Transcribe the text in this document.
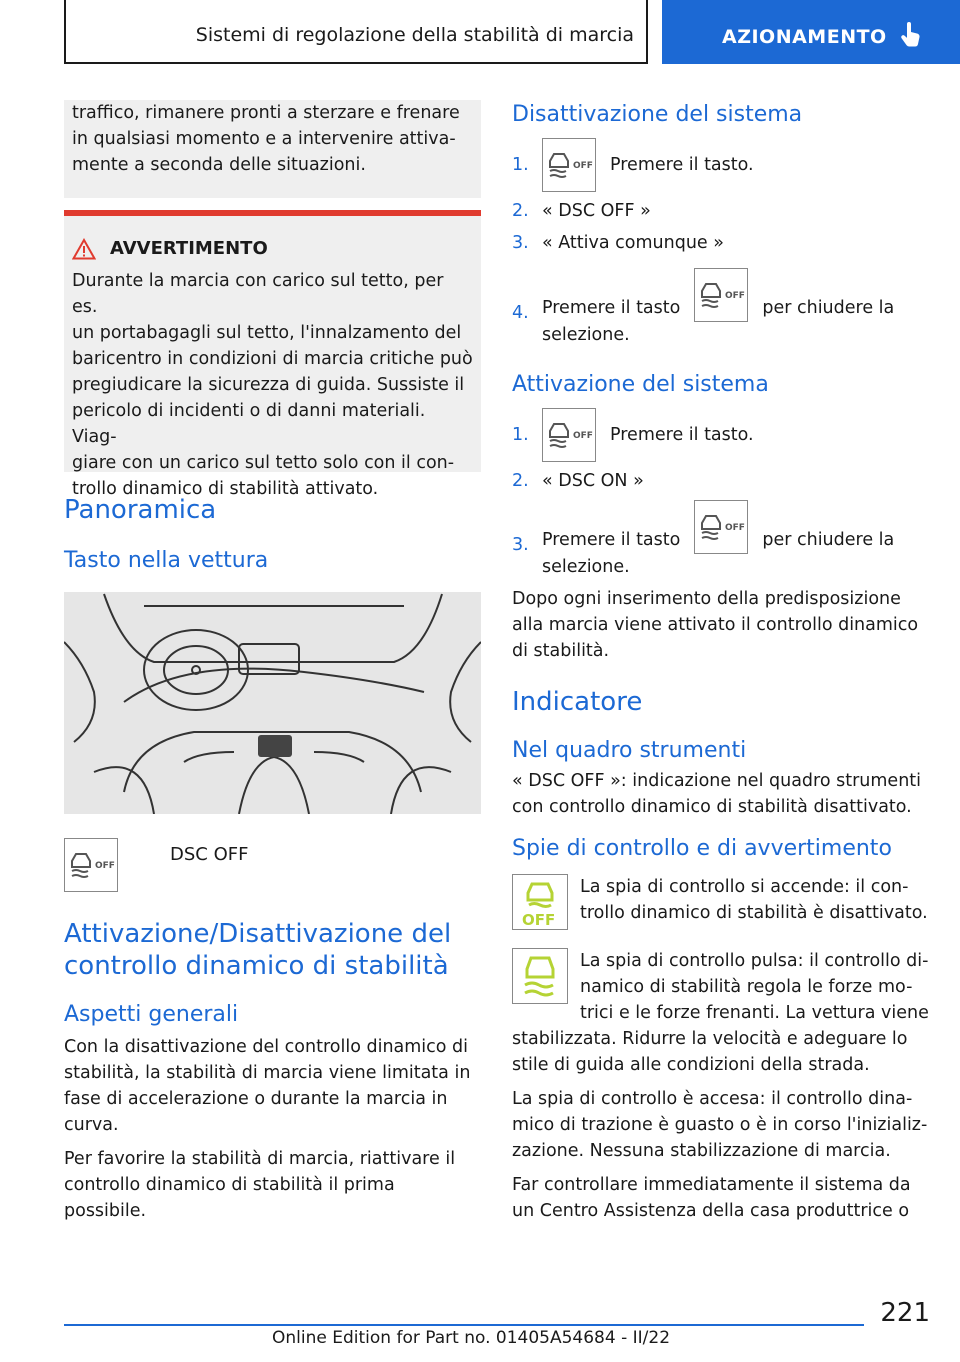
Sistemi di regolazione della stabilità di marcia	AZIONAMENTO
traffico, rimanere pronti a sterzare e frenare
in qualsiasi momento e a intervenire attiva-
mente a seconda delle situazioni.
AVVERTIMENTO
Durante la marcia con carico sul tetto, per es.
un portabagagli sul tetto, l'innalzamento del
baricentro in condizioni di marcia critiche può
pregiudicare la sicurezza di guida. Sussiste il
pericolo di incidenti o di danni materiali. Viag-
giare con un carico sul tetto solo con il con-
trollo dinamico di stabilità attivato.
Panoramica
Tasto nella vettura
OFF
DSC OFF
Attivazione/Disattivazione del
controllo dinamico di stabilità
Aspetti generali

Con la disattivazione del controllo dinamico di

stabilità, la stabilità di marcia viene limitata in

fase di accelerazione o durante la marcia in

curva.

Per favorire la stabilità di marcia, riattivare il

controllo dinamico di stabilità il prima possibile.

Disattivazione del sistema
1.	OFF Premere il tasto.
2. « DSC OFF »
3. « Attiva comunque »
4. Premere il tasto
OFF
per chiudere la
selezione.
Attivazione del sistema
1.	OFF Premere il tasto.
2. « DSC ON »
3. Premere il tasto
OFF
per chiudere la
selezione.

Dopo ogni inserimento della predisposizione

alla marcia viene attivato il controllo dinamico

di stabilità.

Indicatore
Nel quadro strumenti

« DSC OFF »: indicazione nel quadro strumenti

con controllo dinamico di stabilità disattivato.

Spie di controllo e di avvertimento
OFF

La spia di controllo si accende: il con-

trollo dinamico di stabilità è disattivato.

La spia di controllo pulsa: il controllo di-

namico di stabilità regola le forze mo-

trici e le forze frenanti. La vettura viene

stabilizzata. Ridurre la velocità e adeguare lo

stile di guida alle condizioni della strada.

La spia di controllo è accesa: il controllo dina-

mico di trazione è guasto o è in corso l'inizializ-

zazione. Nessuna stabilizzazione di marcia.

Far controllare immediatamente il sistema da

un Centro Assistenza della casa produttrice o

221
Online Edition for Part no. 01405A54684 - II/22
